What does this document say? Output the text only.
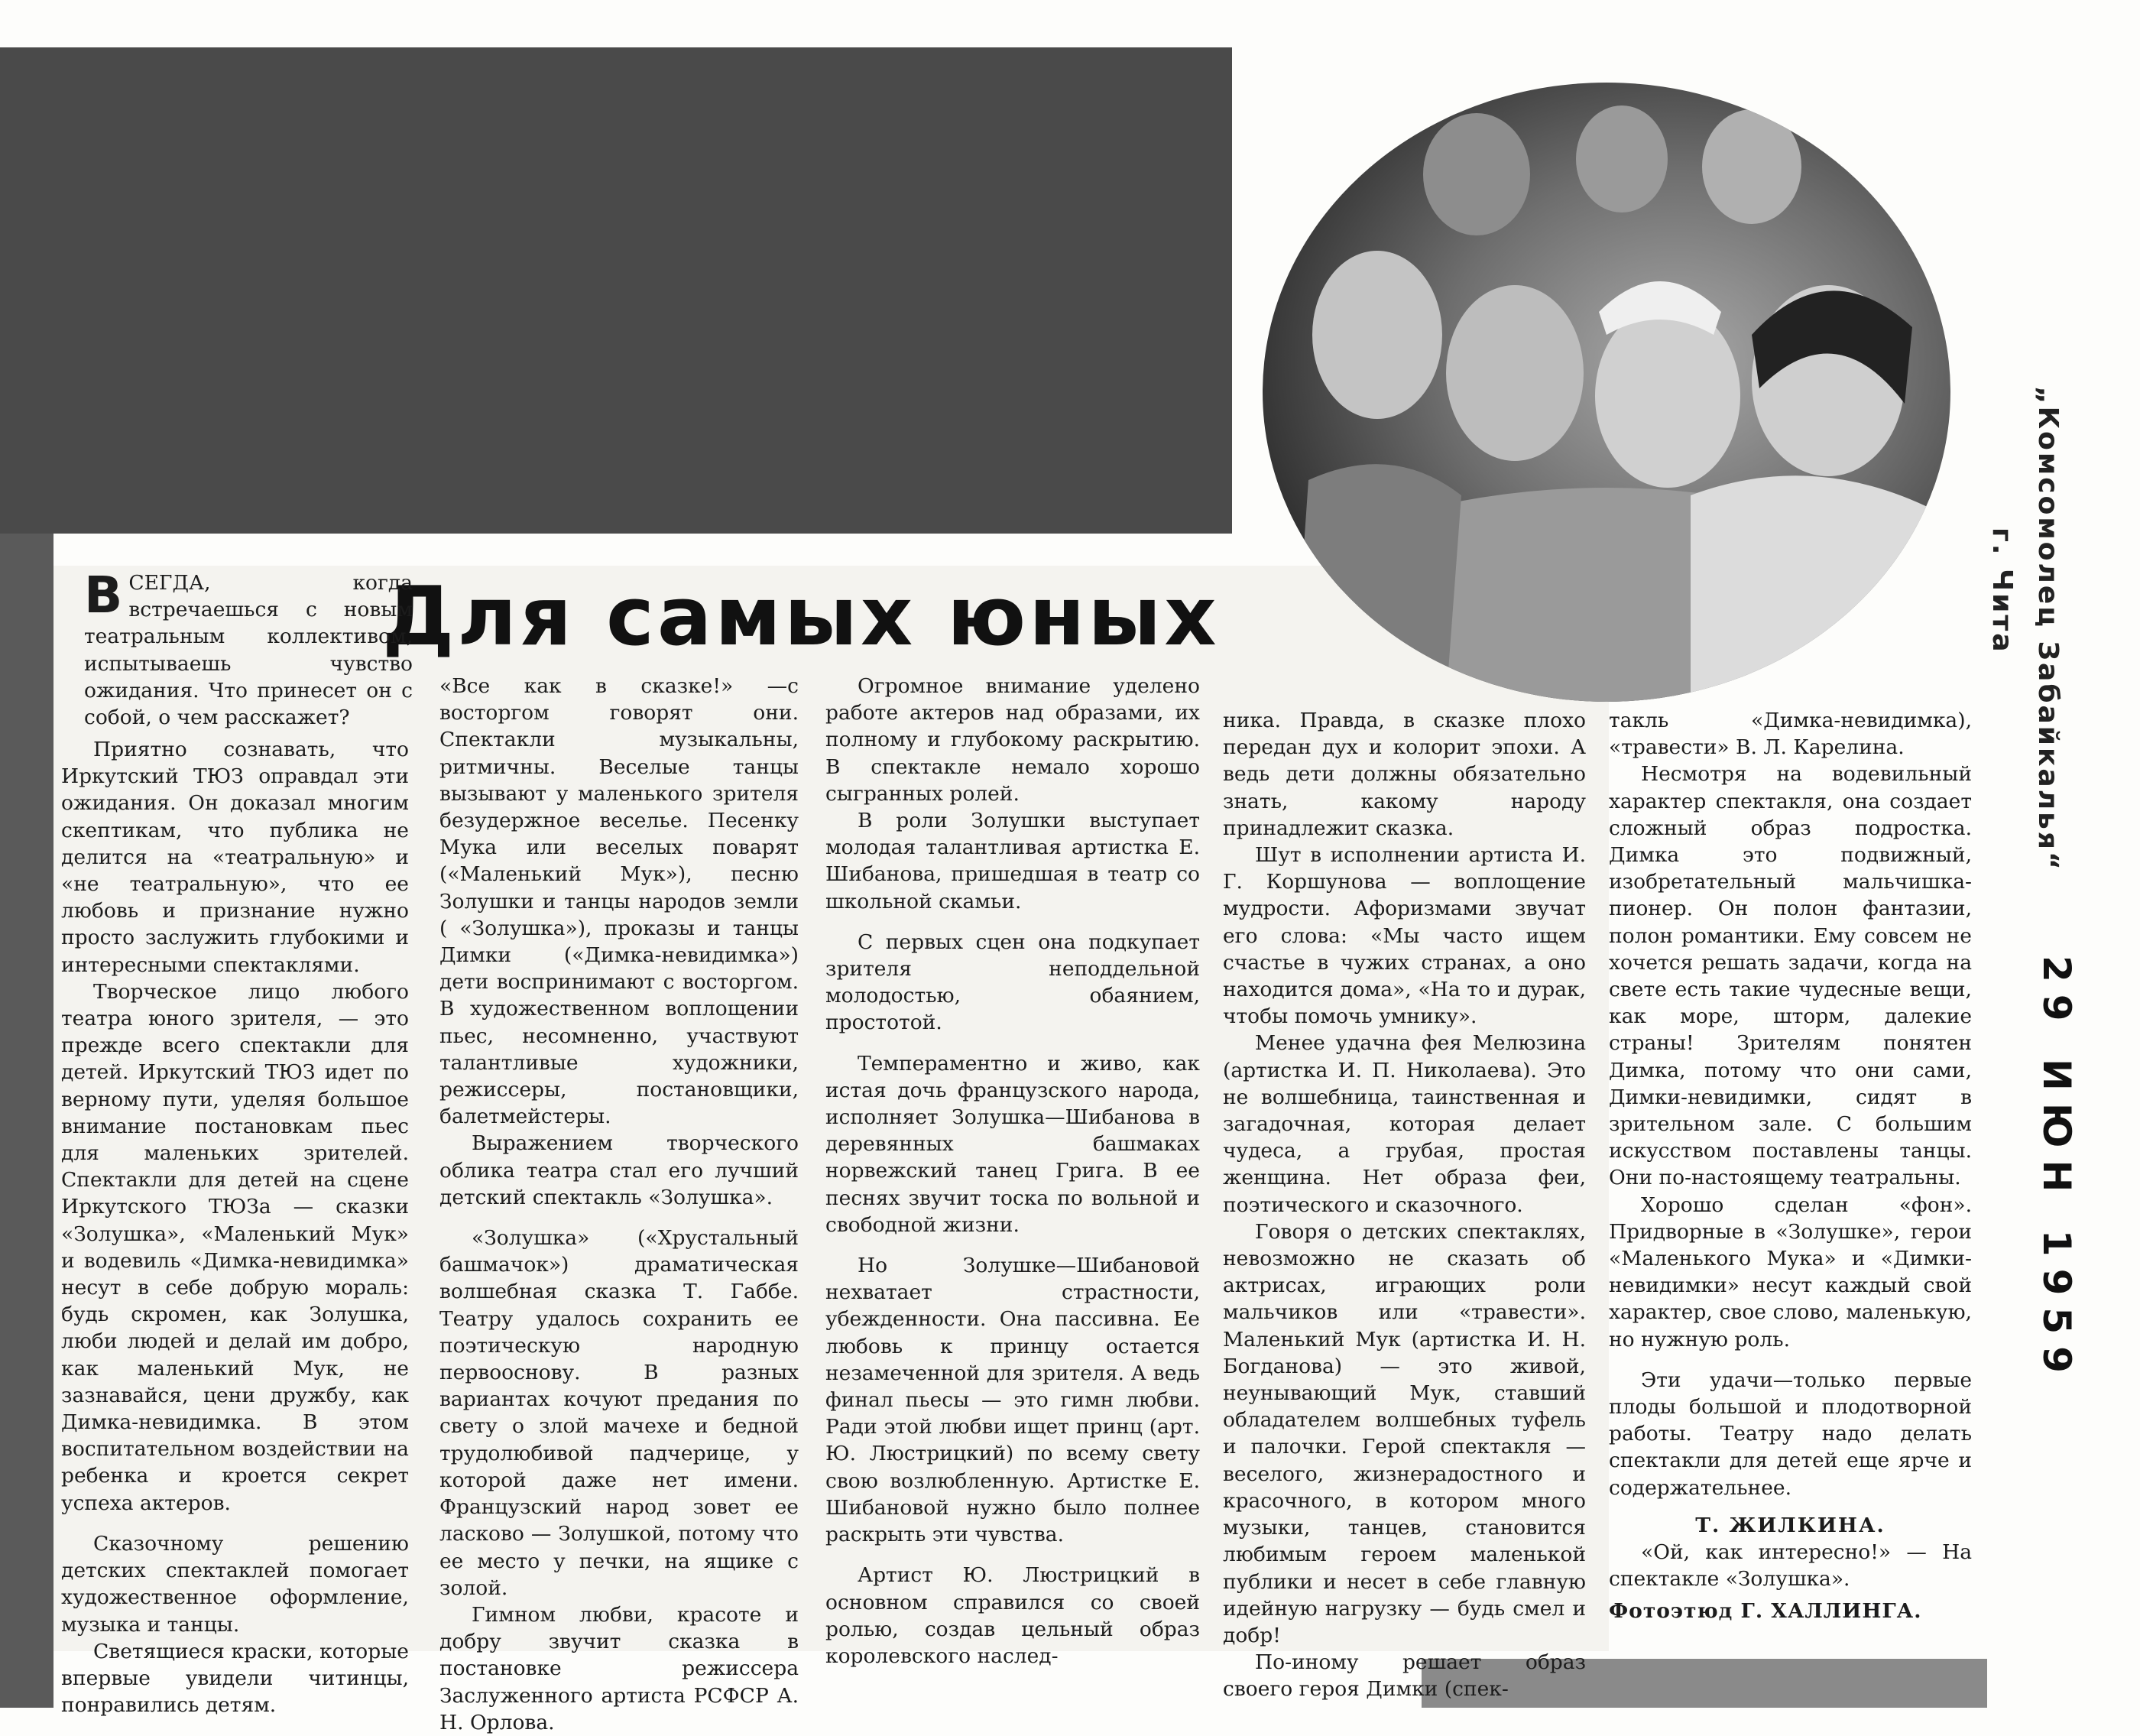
Для самых юных

ВСЕГДА, когда встречаешься с новым театральным коллективом, испытываешь чувство ожидания. Что принесет он с собой, о чем расскажет?

Приятно сознавать, что Иркутский ТЮЗ оправдал эти ожидания. Он доказал многим скептикам, что публика не делится на «театральную» и «не театральную», что ее любовь и признание нужно просто заслужить глубокими и интересными спектаклями.

Творческое лицо любого театра юного зрителя, — это прежде всего спектакли для детей. Иркутский ТЮЗ идет по верному пути, уделяя большое внимание постановкам пьес для маленьких зрителей. Спектакли для детей на сцене Иркутского ТЮЗа — сказки «Золушка», «Маленький Мук» и водевиль «Димка-невидимка» несут в себе добрую мораль: будь скромен, как Золушка, люби людей и делай им добро, как маленький Мук, не зазнавайся, цени дружбу, как Димка-невидимка. В этом воспитательном воздействии на ребенка и кроется секрет успеха актеров.

Сказочному решению детских спектаклей помогает художественное оформление, музыка и танцы.

Светящиеся краски, которые впервые увидели читинцы, понравились детям.

«Все как в сказке!» —с восторгом говорят они. Спектакли музыкальны, ритмичны. Веселые танцы вызывают у маленького зрителя безудержное веселье. Песенку Мука или веселых поварят («Маленький Мук»), песню Золушки и танцы народов земли ( «Золушка»), проказы и танцы Димки («Димка-невидимка») дети воспринимают с восторгом. В художественном воплощении пьес, несомненно, участвуют талантливые художники, режиссеры, постановщики, балетмейстеры.

Выражением творческого облика театра стал его лучший детский спектакль «Золушка».

«Золушка» («Хрустальный башмачок») драматическая волшебная сказка Т. Габбе. Театру удалось сохранить ее поэтическую народную первооснову. В разных вариантах кочуют предания по свету о злой мачехе и бедной трудолюбивой падчерице, у которой даже нет имени. Французский народ зовет ее ласково — Золушкой, потому что ее место у печки, на ящике с золой.

Гимном любви, красоте и добру звучит сказка в постановке режиссера Заслуженного артиста РСФСР А. Н. Орлова.

Огромное внимание уделено работе актеров над образами, их полному и глубокому раскрытию. В спектакле немало хорошо сыгранных ролей.

В роли Золушки выступает молодая талантливая артистка Е. Шибанова, пришедшая в театр со школьной скамьи.

С первых сцен она подкупает зрителя неподдельной молодостью, обаянием, простотой.

Темпераментно и живо, как истая дочь французского народа, исполняет Золушка—Шибанова в деревянных башмаках норвежский танец Грига. В ее песнях звучит тоска по вольной и свободной жизни.

Но Золушке—Шибановой нехватает страстности, убежденности. Она пассивна. Ее любовь к принцу остается незамеченной для зрителя. А ведь финал пьесы — это гимн любви. Ради этой любви ищет принц (арт. Ю. Люстрицкий) по всему свету свою возлюбленную. Артистке Е. Шибановой нужно было полнее раскрыть эти чувства.

Артист Ю. Люстрицкий в основном справился со своей ролью, создав цельный образ королевского наслед-

ника. Правда, в сказке плохо передан дух и колорит эпохи. А ведь дети должны обязательно знать, какому народу принадлежит сказка.

Шут в исполнении артиста И. Г. Коршунова — воплощение мудрости. Афоризмами звучат его слова: «Мы часто ищем счастье в чужих странах, а оно находится дома», «На то и дурак, чтобы помочь умнику».

Менее удачна фея Мелюзина (артистка И. П. Николаева). Это не волшебница, таинственная и загадочная, которая делает чудеса, а грубая, простая женщина. Нет образа феи, поэтического и сказочного.

Говоря о детских спектаклях, невозможно не сказать об актрисах, играющих роли мальчиков или «травести». Маленький Мук (артистка И. Н. Богданова) — это живой, неунывающий Мук, ставший обладателем волшебных туфель и палочки. Герой спектакля — веселого, жизнерадостного и красочного, в котором много музыки, танцев, становится любимым героем маленькой публики и несет в себе главную идейную нагрузку — будь смел и добр!

По-иному решает образ своего героя Димки (спек-

такль «Димка-невидимка), «травести» В. Л. Карелина.

Несмотря на водевильный характер спектакля, она создает сложный образ подростка. Димка это подвижный, изобретательный мальчишка-пионер. Он полон фантазии, полон романтики. Ему совсем не хочется решать задачи, когда на свете есть такие чудесные вещи, как море, шторм, далекие страны! Зрителям понятен Димка, потому что они сами, Димки-невидимки, сидят в зрительном зале. С большим искусством поставлены танцы. Они по-настоящему театральны.

Хорошо сделан «фон». Придворные в «Золушке», герои «Маленького Мука» и «Димки-невидимки» несут каждый свой характер, свое слово, маленькую, но нужную роль.

Эти удачи—только первые плоды большой и плодотворной работы. Театру надо делать спектакли для детей еще ярче и содержательнее.

Т. ЖИЛКИНА.

«Ой, как интересно!» — На спектакле «Золушка».

Фотоэтюд Г. ХАЛЛИНГА.

„Комсомолец Забайкалья“
г. Чита
29 ИЮН 1959
